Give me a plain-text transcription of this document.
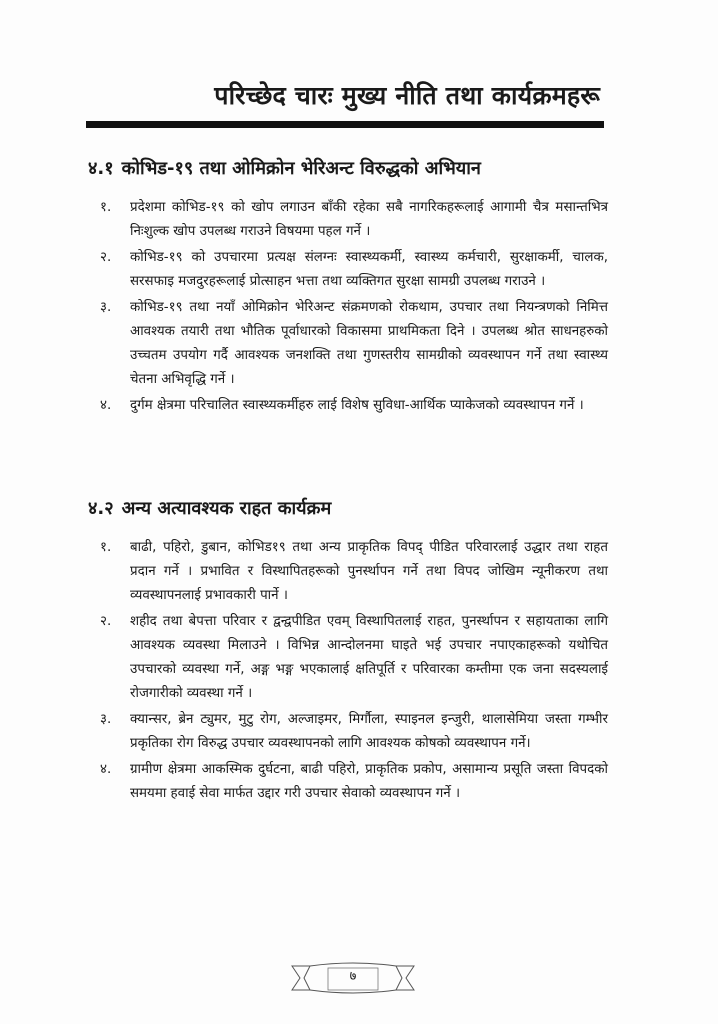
परिच्छेद चारः मुख्य नीति तथा कार्यक्रमहरू
४.१ कोभिड-१९ तथा ओमिक्रोन भेरिअन्ट विरुद्धको अभियान
१. प्रदेशमा कोभिड-१९ को खोप लगाउन बाँकी रहेका सबै नागरिकहरूलाई आगामी चैत्र मसान्तभित्र निःशुल्क खोप उपलब्ध गराउने विषयमा पहल गर्ने ।
२. कोभिड-१९ को उपचारमा प्रत्यक्ष संलग्नः स्वास्थ्यकर्मी, स्वास्थ्य कर्मचारी, सुरक्षाकर्मी, चालक, सरसफाइ मजदुरहरूलाई प्रोत्साहन भत्ता तथा व्यक्तिगत सुरक्षा सामग्री उपलब्ध गराउने ।
३. कोभिड-१९ तथा नयाँ ओमिक्रोन भेरिअन्ट संक्रमणको रोकथाम, उपचार तथा नियन्त्रणको निमित्त आवश्यक तयारी तथा भौतिक पूर्वाधारको विकासमा प्राथमिकता दिने । उपलब्ध श्रोत साधनहरुको उच्चतम उपयोग गर्दै आवश्यक जनशक्ति तथा गुणस्तरीय सामग्रीको व्यवस्थापन गर्ने तथा स्वास्थ्य चेतना अभिवृद्धि गर्ने ।
४. दुर्गम क्षेत्रमा परिचालित स्वास्थ्यकर्मीहरु लाई विशेष सुविधा-आर्थिक प्याकेजको व्यवस्थापन गर्ने ।
४.२ अन्य अत्यावश्यक राहत कार्यक्रम
१. बाढी, पहिरो, डुबान, कोभिड१९ तथा अन्य प्राकृतिक विपद् पीडित परिवारलाई उद्धार तथा राहत प्रदान गर्ने । प्रभावित र विस्थापितहरूको पुनर्स्थापन गर्ने तथा विपद जोखिम न्यूनीकरण तथा व्यवस्थापनलाई प्रभावकारी पार्ने ।
२. शहीद तथा बेपत्ता परिवार र द्वन्द्वपीडित एवम् विस्थापितलाई राहत, पुनर्स्थापन र सहायताका लागि आवश्यक व्यवस्था मिलाउने । विभिन्न आन्दोलनमा घाइते भई उपचार नपाएकाहरूको यथोचित उपचारको व्यवस्था गर्ने, अङ्ग भङ्ग भएकालाई क्षतिपूर्ति र परिवारका कम्तीमा एक जना सदस्यलाई रोजगारीको व्यवस्था गर्ने ।
३. क्यान्सर, ब्रेन ट्युमर, मुटु रोग, अल्जाइमर, मिर्गौला, स्पाइनल इन्जुरी, थालासेमिया जस्ता गम्भीर प्रकृतिका रोग विरुद्ध उपचार व्यवस्थापनको लागि आवश्यक कोषको व्यवस्थापन गर्ने।
४. ग्रामीण क्षेत्रमा आकस्मिक दुर्घटना, बाढी पहिरो, प्राकृतिक प्रकोप, असामान्य प्रसूति जस्ता विपदको समयमा हवाई सेवा मार्फत उद्दार गरी उपचार सेवाको व्यवस्थापन गर्ने ।
७
